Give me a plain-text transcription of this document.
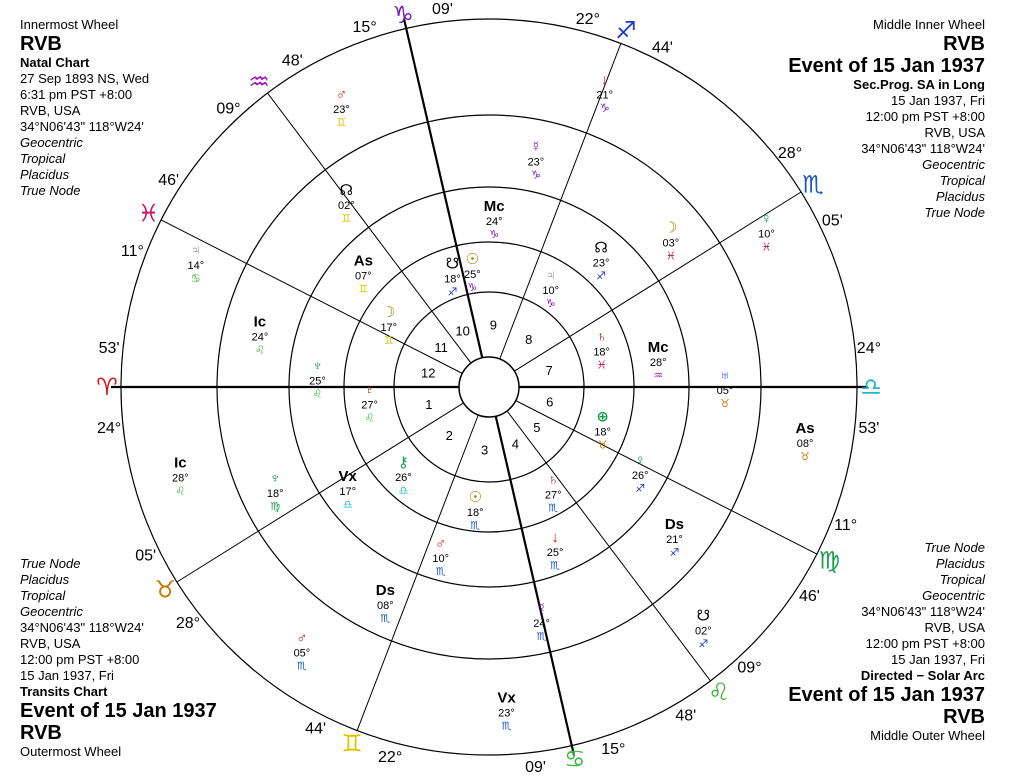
Innermost Wheel
RVB
Natal Chart
27 Sep 1893 NS, Wed
6:31 pm PST +8:00
RVB, USA
34°N06'43" 118°W24'
Geocentric
Tropical
Placidus
True Node
Middle Inner Wheel
RVB
Event of 15 Jan 1937
Sec.Prog. SA in Long
15 Jan 1937, Fri
12:00 pm PST +8:00
RVB, USA
34°N06'43" 118°W24'
Geocentric
Tropical
Placidus
True Node
True Node
Placidus
Tropical
Geocentric
34°N06'43" 118°W24'
RVB, USA
12:00 pm PST +8:00
15 Jan 1937, Fri
Transits Chart
Event of 15 Jan 1937
RVB
Outermost Wheel
True Node
Placidus
Tropical
Geocentric
34°N06'43" 118°W24'
RVB, USA
12:00 pm PST +8:00
15 Jan 1937, Fri
Directed − Solar Arc
Event of 15 Jan 1937
RVB
Middle Outer Wheel
♈
24°
53'
♉
28°
05'
♊ 22°
44'
♋ 15°
09'
♌
09°
48'
♍
11°
46'
♎
24°
53'
♏
28°
05'
♐
22°
44'
♑
15°
09'
♒
09°
48'
♓
11°
46'
1
2
3 4
5
6
7
8
9
10
11
12
☉
25°
♑
Mc
24°
♑
☿
23°
♑
↓
21°
♑
♃
10°
♑
☊
23°
♐
☽
03°
♓
♀
10°
♓
♄
18°
♓
Mc
28°
♒	♅
05°
♉
As
08°
♉
⊕
18°
♉
♀
26°
♐
Ds
21°
♐
☋
02°
♐
♄
27°
♏
↓
25°
♏
☿
24°
♏
Vx
23°
♏
☉
18°
♏
♂
10°
♏
Ds
08°
♏
♂
05°
♏
⚷
26°
♎
Vx
17°
♎
♆
18°
♍
Ic
28°
♌
♇
27°
♌
♆
25°
♌
Ic
24°
♌
♃
14°
♋
☽
17°
♊
As
07°
♊
☊
02°
♊
♂
23°
♊
☋
18°
♐
